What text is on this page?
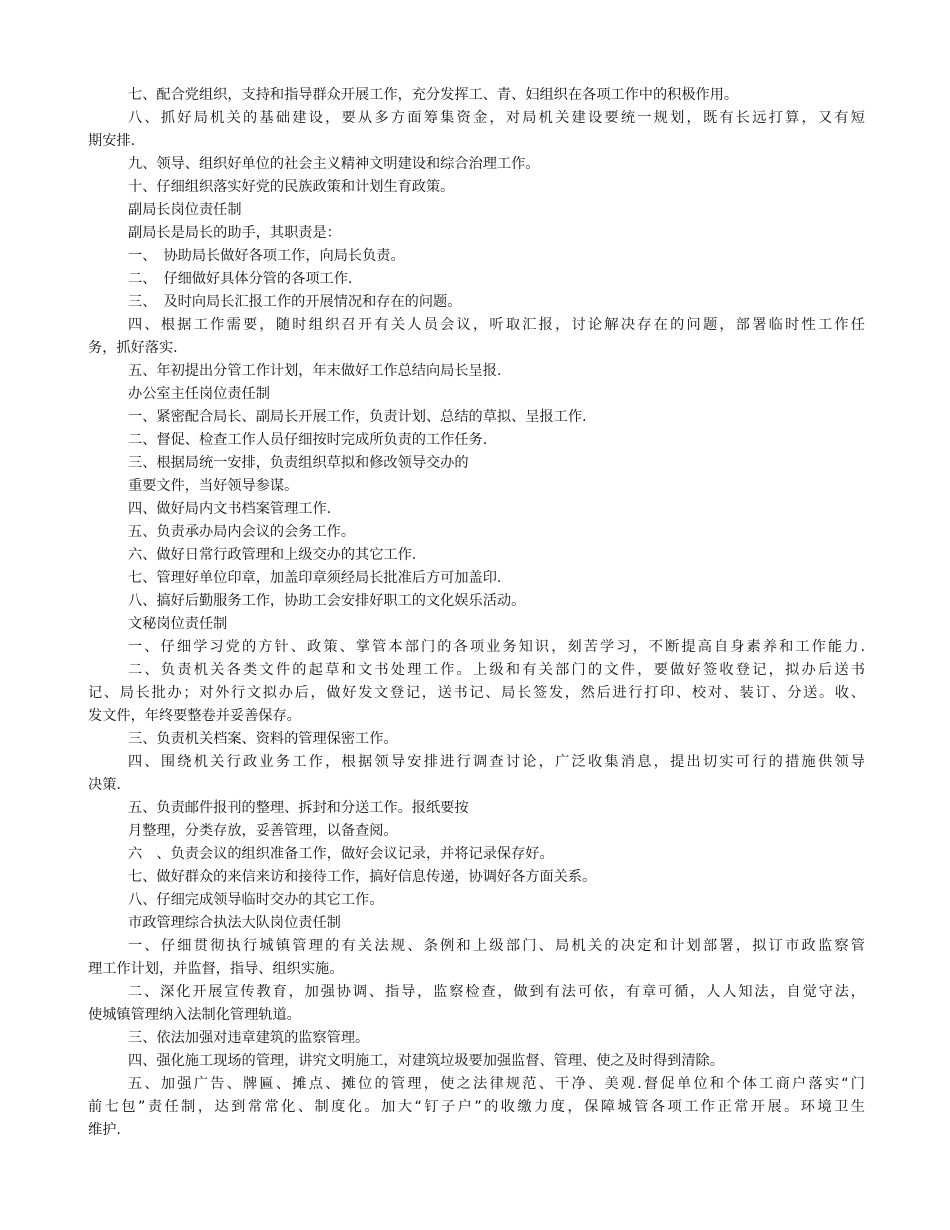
七、配合党组织，支持和指导群众开展工作，充分发挥工、青、妇组织在各项工作中的积极作用。
八、抓好局机关的基础建设，要从多方面筹集资金，对局机关建设要统一规划，既有长远打算，又有短
期安排.
九、领导、组织好单位的社会主义精神文明建设和综合治理工作。
十、仔细组织落实好党的民族政策和计划生育政策。
副局长岗位责任制
副局长是局长的助手，其职责是：
一、　协助局长做好各项工作，向局长负责。
二、　仔细做好具体分管的各项工作.
三、　及时向局长汇报工作的开展情况和存在的问题。
四、根据工作需要，随时组织召开有关人员会议，听取汇报，讨论解决存在的问题，部署临时性工作任
务，抓好落实.
五、年初提出分管工作计划，年末做好工作总结向局长呈报.
办公室主任岗位责任制
一、紧密配合局长、副局长开展工作，负责计划、总结的草拟、呈报工作.
二、督促、检查工作人员仔细按时完成所负责的工作任务.
三、根据局统一安排，负责组织草拟和修改领导交办的
重要文件，当好领导参谋。
四、做好局内文书档案管理工作.
五、负责承办局内会议的会务工作。
六、做好日常行政管理和上级交办的其它工作.
七、管理好单位印章，加盖印章须经局长批准后方可加盖印.
八、搞好后勤服务工作，协助工会安排好职工的文化娱乐活动。
文秘岗位责任制
一、仔细学习党的方针、政策、掌管本部门的各项业务知识，刻苦学习，不断提高自身素养和工作能力.
二、负责机关各类文件的起草和文书处理工作。上级和有关部门的文件，要做好签收登记，拟办后送书
记、局长批办；对外行文拟办后，做好发文登记，送书记、局长签发，然后进行打印、校对、装订、分送。收、
发文件，年终要整卷并妥善保存。
三、负责机关档案、资料的管理保密工作。
四、围绕机关行政业务工作，根据领导安排进行调查讨论，广泛收集消息，提出切实可行的措施供领导
决策.
五、负责邮件报刊的整理、拆封和分送工作。报纸要按
月整理，分类存放，妥善管理，以备查阅。
六　、负责会议的组织准备工作，做好会议记录，并将记录保存好。
七、做好群众的来信来访和接待工作，搞好信息传递，协调好各方面关系。
八、仔细完成领导临时交办的其它工作。
市政管理综合执法大队岗位责任制
一、仔细贯彻执行城镇管理的有关法规、条例和上级部门、局机关的决定和计划部署，拟订市政监察管
理工作计划，并监督，指导、组织实施。
二、深化开展宣传教育，加强协调、指导，监察检查，做到有法可依，有章可循，人人知法，自觉守法，
使城镇管理纳入法制化管理轨道。
三、依法加强对违章建筑的监察管理。
四、强化施工现场的管理，讲究文明施工，对建筑垃圾要加强监督、管理、使之及时得到清除。
五、加强广告、牌匾、摊点、摊位的管理，使之法律规范、干净、美观.督促单位和个体工商户落实“门
前七包”责任制，达到常常化、制度化。加大“钉子户”的收缴力度，保障城管各项工作正常开展。环境卫生
维护.
